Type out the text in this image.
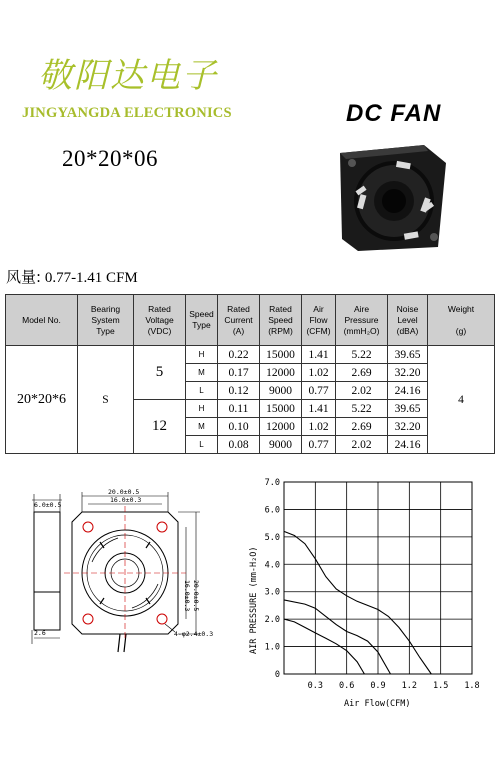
敬阳达电子
JINGYANGDA ELECTRONICS
20*20*06
DC FAN
风量: 0.77-1.41 CFM
Model No.	Bearing
System
Type	Rated
Voltage
(VDC)	Speed
Type	Rated
Current
(A)	Rated
Speed
(RPM)	Air
Flow
(CFM)	Aire
Pressure
(mmH₂O)	Noise
Level
(dBA)	Weight

(g)
20*20*6	S	5	H	0.22	15000	1.41	5.22	39.65	4
			M	0.17	12000	1.02	2.69	32.20	
			L	0.12	9000	0.77	2.02	24.16	
		12	H	0.11	15000	1.41	5.22	39.65	
			M	0.10	12000	1.02	2.69	32.20	
			L	0.08	9000	0.77	2.02	24.16	
6.0±0.5
2.6
20.0±0.5
16.0±0.3
16.0±0.3 20.0±0.5
4-φ2.4±0.3
0
1.0
2.0
3.0
4.0
5.0
6.0
7.0
0.3 0.6 0.9 1.2 1.5 1.8
AIR PRESSURE (mm-H₂O)
Air Flow(CFM)
